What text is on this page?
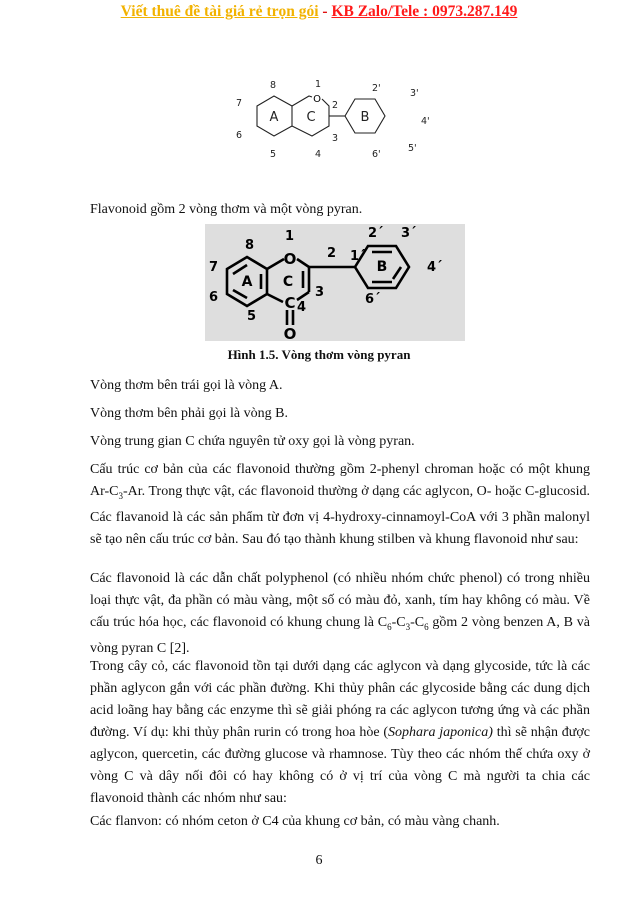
Viết thuê đề tài giá rẻ trọn gói - KB Zalo/Tele : 0973.287.149
O
1
2
3
4
5
6
7
8	2'	3'
4'
5'
6'
A C	B

Flavonoid gồm 2 vòng thơm và một vòng pyran.

O
C
O
A C
B
1
2
3
4
5
6
7
8
2´ 3´
4´
6´
1´
Hình 1.5. Vòng thơm vòng pyran

Vòng thơm bên trái gọi là vòng A.

Vòng thơm bên phải gọi là vòng B.

Vòng trung gian C chứa nguyên tử oxy gọi là vòng pyran.

Cấu trúc cơ bản của các flavonoid thường gồm 2-phenyl chroman hoặc có một khung $Ar-C_3-Ar$. Trong thực vật, các flavonoid thường ở dạng các aglycon, O- hoặc C-glucosid. Các flavanoid là các sản phẩm từ đơn vị 4-hydroxy-cinnamoyl-CoA với 3 phần malonyl sẽ tạo nên cấu trúc cơ bản. Sau đó tạo thành khung stilben và khung flavonoid như sau:

Các flavonoid là các dẫn chất polyphenol (có nhiều nhóm chức phenol) có trong nhiều loại thực vật, đa phần có màu vàng, một số có màu đỏ, xanh, tím hay không có màu. Về cấu trúc hóa học, các flavonoid có khung chung là $C_6-C_3-C_6$ gồm 2 vòng benzen A, B và vòng pyran C [2].

Trong cây cỏ, các flavonoid tồn tại dưới dạng các aglycon và dạng glycoside, tức là các phần aglycon gắn với các phần đường. Khi thủy phân các glycoside bằng các dung dịch acid loãng hay bằng các enzyme thì sẽ giải phóng ra các aglycon tương ứng và các phần đường. Ví dụ: khi thủy phân rurin có trong hoa hòe (Sophara japonica) thì sẽ nhận được aglycon, quercetin, các đường glucose và rhamnose. Tùy theo các nhóm thế chứa oxy ở vòng C và dây nối đôi có hay không có ở vị trí của vòng C mà người ta chia các flavonoid thành các nhóm như sau:

Các flanvon: có nhóm ceton ở C4 của khung cơ bản, có màu vàng chanh.

6
